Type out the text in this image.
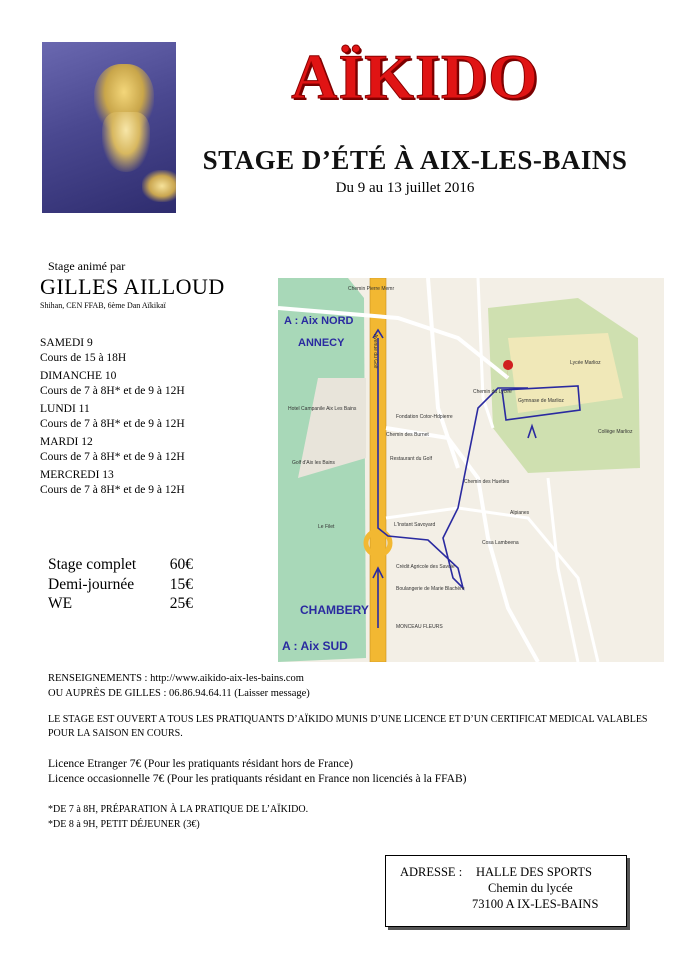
AÏKIDO
STAGE D’ÉTÉ À AIX-LES-BAINS
Du 9 au 13 juillet 2016
Stage animé par
GILLES AILLOUD
Shihan, CEN FFAB, 6ème Dan Aïkikaï
SAMEDI 9
Cours de 15 à 18H
DIMANCHE 10
Cours de 7 à 8H* et de 9 à 12H
LUNDI 11
Cours de 7 à 8H* et de 9 à 12H
MARDI 12
Cours de 7 à 8H* et de 9 à 12H
MERCREDI 13
Cours de 7 à 8H* et de 9 à 12H
Stage complet 60€
Demi-journée 15€
WE	25€
A : Aix NORD
ANNECY
CHAMBERY
A : Aix SUD
Lycée Marlioz
Gymnase de Marlioz
Collège Marlioz
Fondation Cotor-Hdpierre
Restaurant du Golf
Hotel Campanile Aix Les Bains
Golf d'Aix les Bains
L'Instant Savoyard
Alpianes
Cosa Lambeena
Crédit Agricole des Savoie
Boulangerie de Marie Blachère
MONCEAU FLEURS
Avenue du Golf
Chemin du Lycée
Chemin des Burnet
Chemin des Huettes
Le Filet
Chemin Pierre Memr
RENSEIGNEMENTS : http://www.aikido-aix-les-bains.com
OU AUPRÈS DE GILLES : 06.86.94.64.11 (Laisser message)
LE STAGE EST OUVERT A TOUS LES PRATIQUANTS D’AÏKIDO MUNIS D’UNE LICENCE ET D’UN CERTIFICAT MEDICAL VALABLES POUR LA SAISON EN COURS.
Licence Etranger 7€ (Pour les pratiquants résidant hors de France)
Licence occasionnelle 7€ (Pour les pratiquants résidant en France non licenciés à la FFAB)
*DE 7 à 8H, PRÉPARATION À LA PRATIQUE DE L’AÏKIDO.
*DE 8 à 9H, PETIT DÉJEUNER (3€)
ADRESSE : HALLE DES SPORTS
Chemin du lycée
73100 A IX-LES-BAINS
